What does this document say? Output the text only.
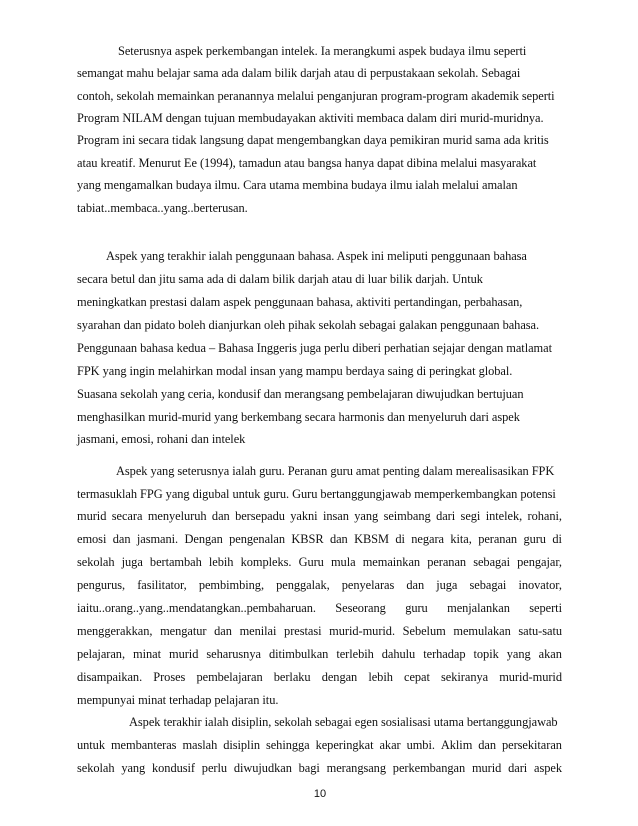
Seterusnya aspek perkembangan intelek. Ia merangkumi aspek budaya ilmu seperti
semangat mahu belajar sama ada dalam bilik darjah atau di perpustakaan sekolah. Sebagai
contoh, sekolah memainkan peranannya melalui penganjuran program-program akademik seperti
Program NILAM dengan tujuan membudayakan aktiviti membaca dalam diri murid-muridnya.
Program ini secara tidak langsung dapat mengembangkan daya pemikiran murid sama ada kritis
atau kreatif. Menurut Ee (1994), tamadun atau bangsa hanya dapat dibina melalui masyarakat
yang mengamalkan budaya ilmu. Cara utama membina budaya ilmu ialah melalui amalan
tabiat..membaca..yang..berterusan.
Aspek yang terakhir ialah penggunaan bahasa. Aspek ini meliputi penggunaan bahasa
secara betul dan jitu sama ada di dalam bilik darjah atau di luar bilik darjah. Untuk
meningkatkan prestasi dalam aspek penggunaan bahasa, aktiviti pertandingan, perbahasan,
syarahan dan pidato boleh dianjurkan oleh pihak sekolah sebagai galakan penggunaan bahasa.
Penggunaan bahasa kedua – Bahasa Inggeris juga perlu diberi perhatian sejajar dengan matlamat
FPK yang ingin melahirkan modal insan yang mampu berdaya saing di peringkat global.
Suasana sekolah yang ceria, kondusif dan merangsang pembelajaran diwujudkan bertujuan
menghasilkan murid-murid yang berkembang secara harmonis dan menyeluruh dari aspek
jasmani, emosi, rohani dan intelek
Aspek yang seterusnya ialah guru. Peranan guru amat penting dalam merealisasikan FPK
termasuklah FPG yang digubal untuk guru. Guru bertanggungjawab memperkembangkan potensi
murid secara menyeluruh dan bersepadu yakni insan yang seimbang dari segi intelek, rohani,
emosi dan jasmani. Dengan pengenalan KBSR dan KBSM di negara kita, peranan guru di
sekolah juga bertambah lebih kompleks. Guru mula memainkan peranan sebagai pengajar,
pengurus, fasilitator, pembimbing, penggalak, penyelaras dan juga sebagai inovator,
iaitu..orang..yang..mendatangkan..pembaharuan. Seseorang guru menjalankan seperti
menggerakkan, mengatur dan menilai prestasi murid-murid. Sebelum memulakan satu-satu
pelajaran, minat murid seharusnya ditimbulkan terlebih dahulu terhadap topik yang akan
disampaikan. Proses pembelajaran berlaku dengan lebih cepat sekiranya murid-murid
mempunyai minat terhadap pelajaran itu.
Aspek terakhir ialah disiplin, sekolah sebagai egen sosialisasi utama bertanggungjawab
untuk membanteras maslah disiplin sehingga keperingkat akar umbi. Aklim dan persekitaran
sekolah yang kondusif perlu diwujudkan bagi merangsang perkembangan murid dari aspek
10
